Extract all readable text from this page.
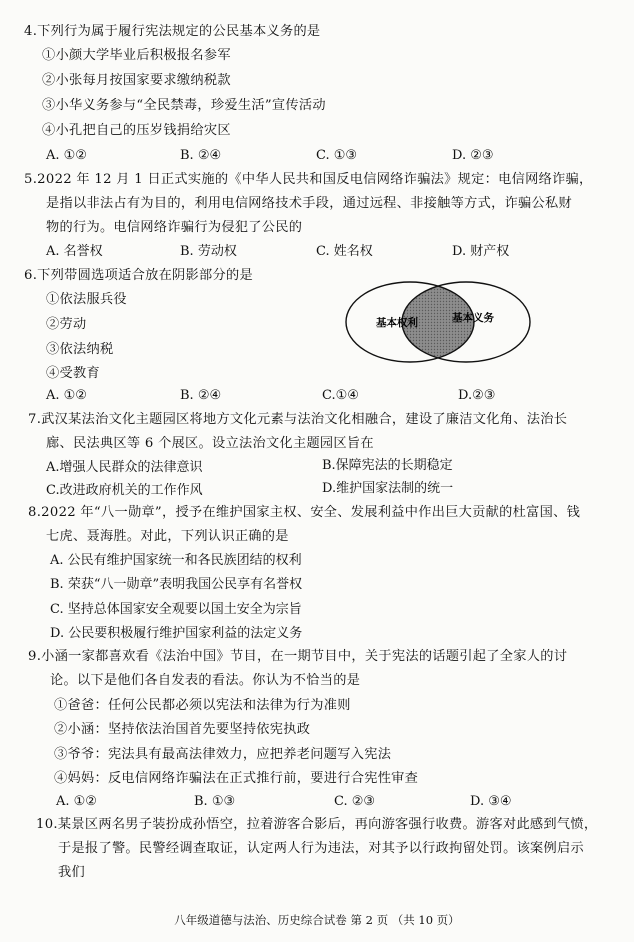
4.下列行为属于履行宪法规定的公民基本义务的是
①小颜大学毕业后积极报名参军
②小张每月按国家要求缴纳税款
③小华义务参与“全民禁毒，珍爱生活”宣传活动
④小孔把自己的压岁钱捐给灾区
A. ①②	B. ②④	C. ①③	D. ②③
5.2022 年 12 月 1 日正式实施的《中华人民共和国反电信网络诈骗法》规定：电信网络诈骗，
是指以非法占有为目的，利用电信网络技术手段，通过远程、非接触等方式，诈骗公私财
物的行为。电信网络诈骗行为侵犯了公民的
A. 名誉权	B. 劳动权	C. 姓名权	D. 财产权
6.下列带圆选项适合放在阴影部分的是
①依法服兵役
②劳动
③依法纳税
④受教育
A. ①②	B. ②④	C.①④	D.②③
基本权利	基本义务
7.武汉某法治文化主题园区将地方文化元素与法治文化相融合，建设了廉洁文化角、法治长
廊、民法典区等 6 个展区。设立法治文化主题园区旨在
A.增强人民群众的法律意识	B.保障宪法的长期稳定
C.改进政府机关的工作作风	D.维护国家法制的统一
8.2022 年“八一勋章”，授予在维护国家主权、安全、发展利益中作出巨大贡献的杜富国、钱
七虎、聂海胜。对此，下列认识正确的是
A. 公民有维护国家统一和各民族团结的权利
B. 荣获“八一勋章”表明我国公民享有名誉权
C. 坚持总体国家安全观要以国土安全为宗旨
D. 公民要积极履行维护国家利益的法定义务
9.小涵一家都喜欢看《法治中国》节目，在一期节目中，关于宪法的话题引起了全家人的讨
论。以下是他们各自发表的看法。你认为不恰当的是
①爸爸：任何公民都必须以宪法和法律为行为准则
②小涵：坚持依法治国首先要坚持依宪执政
③爷爷：宪法具有最高法律效力，应把养老问题写入宪法
④妈妈：反电信网络诈骗法在正式推行前，要进行合宪性审查
A. ①②	B. ①③	C. ②③	D. ③④
10.某景区两名男子装扮成孙悟空，拉着游客合影后，再向游客强行收费。游客对此感到气愤，
于是报了警。民警经调查取证，认定两人行为违法，对其予以行政拘留处罚。该案例启示
我们
八年级道德与法治、历史综合试卷 第 2 页 （共 10 页）
